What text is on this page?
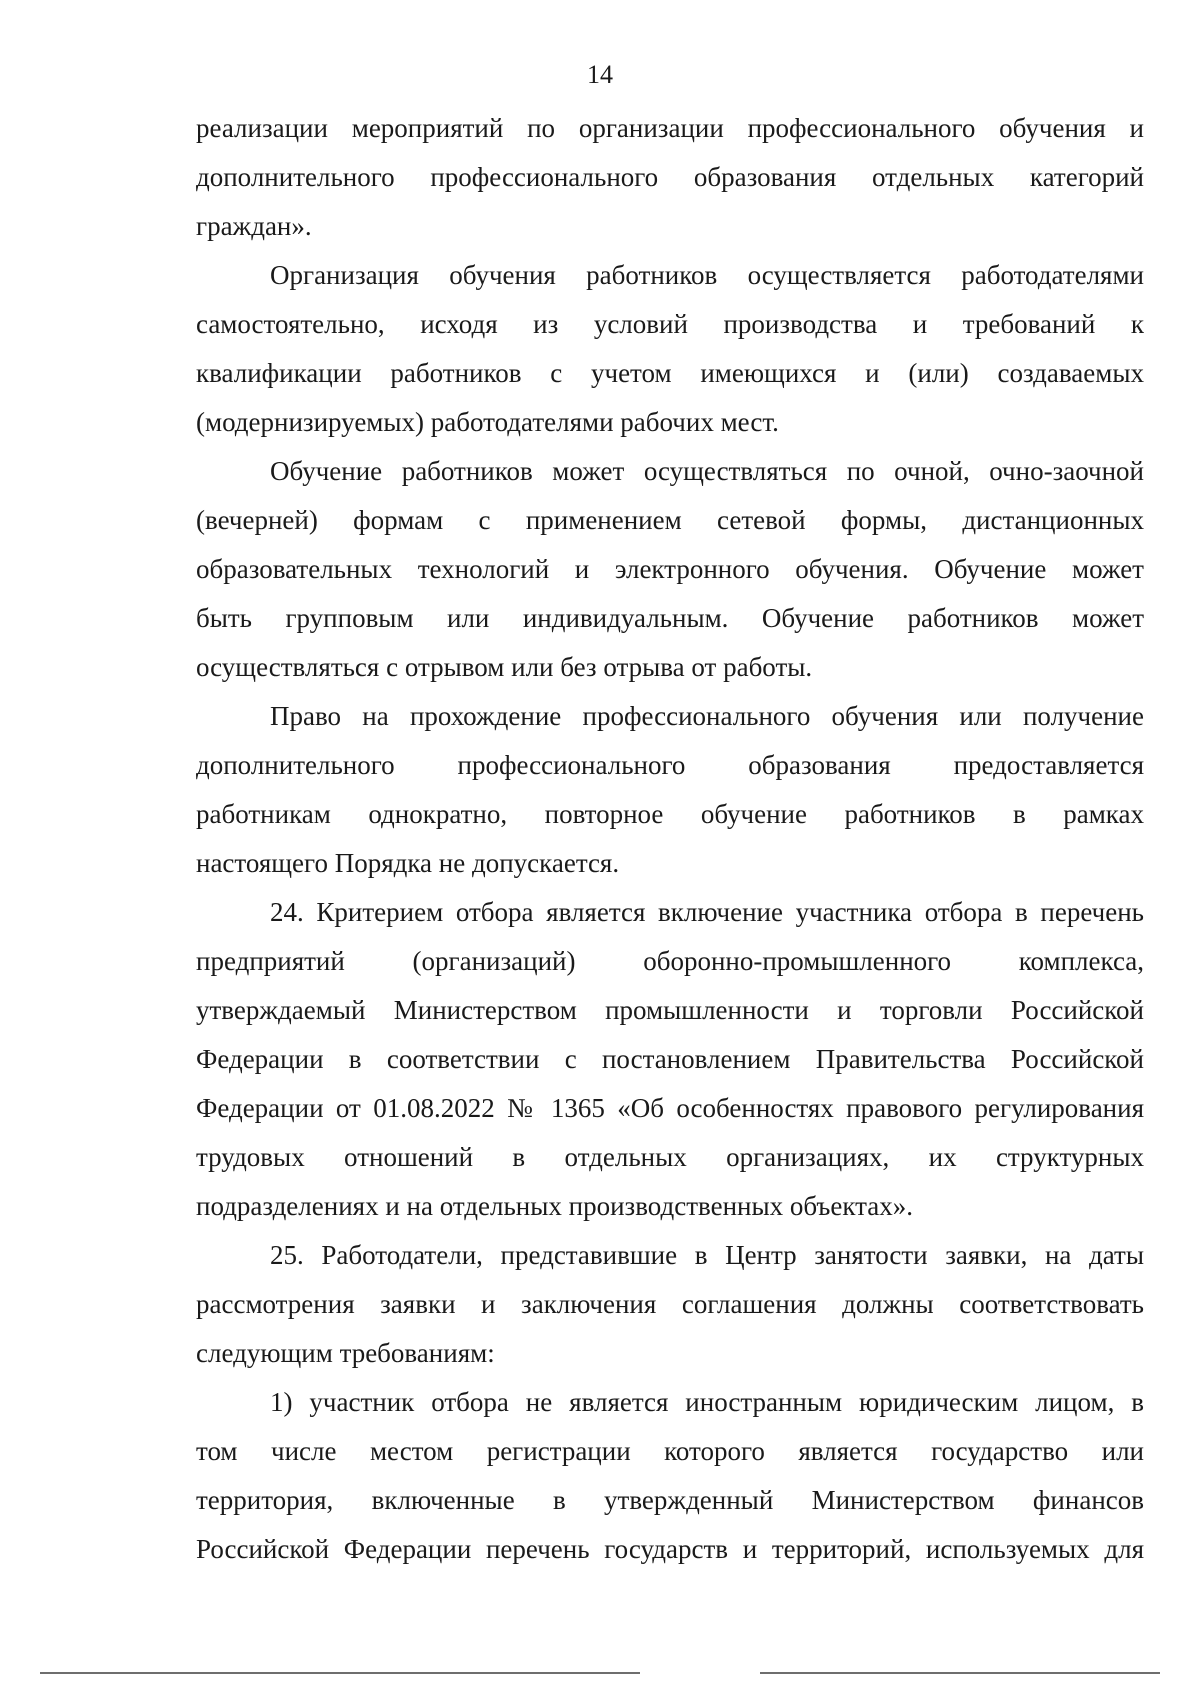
14

реализации мероприятий по организации профессионального обучения и
дополнительного профессионального образования отдельных категорий
граждан».

Организация обучения работников осуществляется работодателями
самостоятельно, исходя из условий производства и требований к
квалификации работников с учетом имеющихся и (или) создаваемых
(модернизируемых) работодателями рабочих мест.

Обучение работников может осуществляться по очной, очно-заочной
(вечерней) формам с применением сетевой формы, дистанционных
образовательных технологий и электронного обучения. Обучение может
быть групповым или индивидуальным. Обучение работников может
осуществляться с отрывом или без отрыва от работы.

Право на прохождение профессионального обучения или получение
дополнительного профессионального образования предоставляется
работникам однократно, повторное обучение работников в рамках
настоящего Порядка не допускается.

24. Критерием отбора является включение участника отбора в перечень
предприятий (организаций) оборонно-промышленного комплекса,
утверждаемый Министерством промышленности и торговли Российской
Федерации в соответствии с постановлением Правительства Российской
Федерации от 01.08.2022 № 1365 «Об особенностях правового регулирования
трудовых отношений в отдельных организациях, их структурных
подразделениях и на отдельных производственных объектах».

25. Работодатели, представившие в Центр занятости заявки, на даты
рассмотрения заявки и заключения соглашения должны соответствовать
следующим требованиям:

1) участник отбора не является иностранным юридическим лицом, в
том числе местом регистрации которого является государство или
территория, включенные в утвержденный Министерством финансов
Российской Федерации перечень государств и территорий, используемых для
